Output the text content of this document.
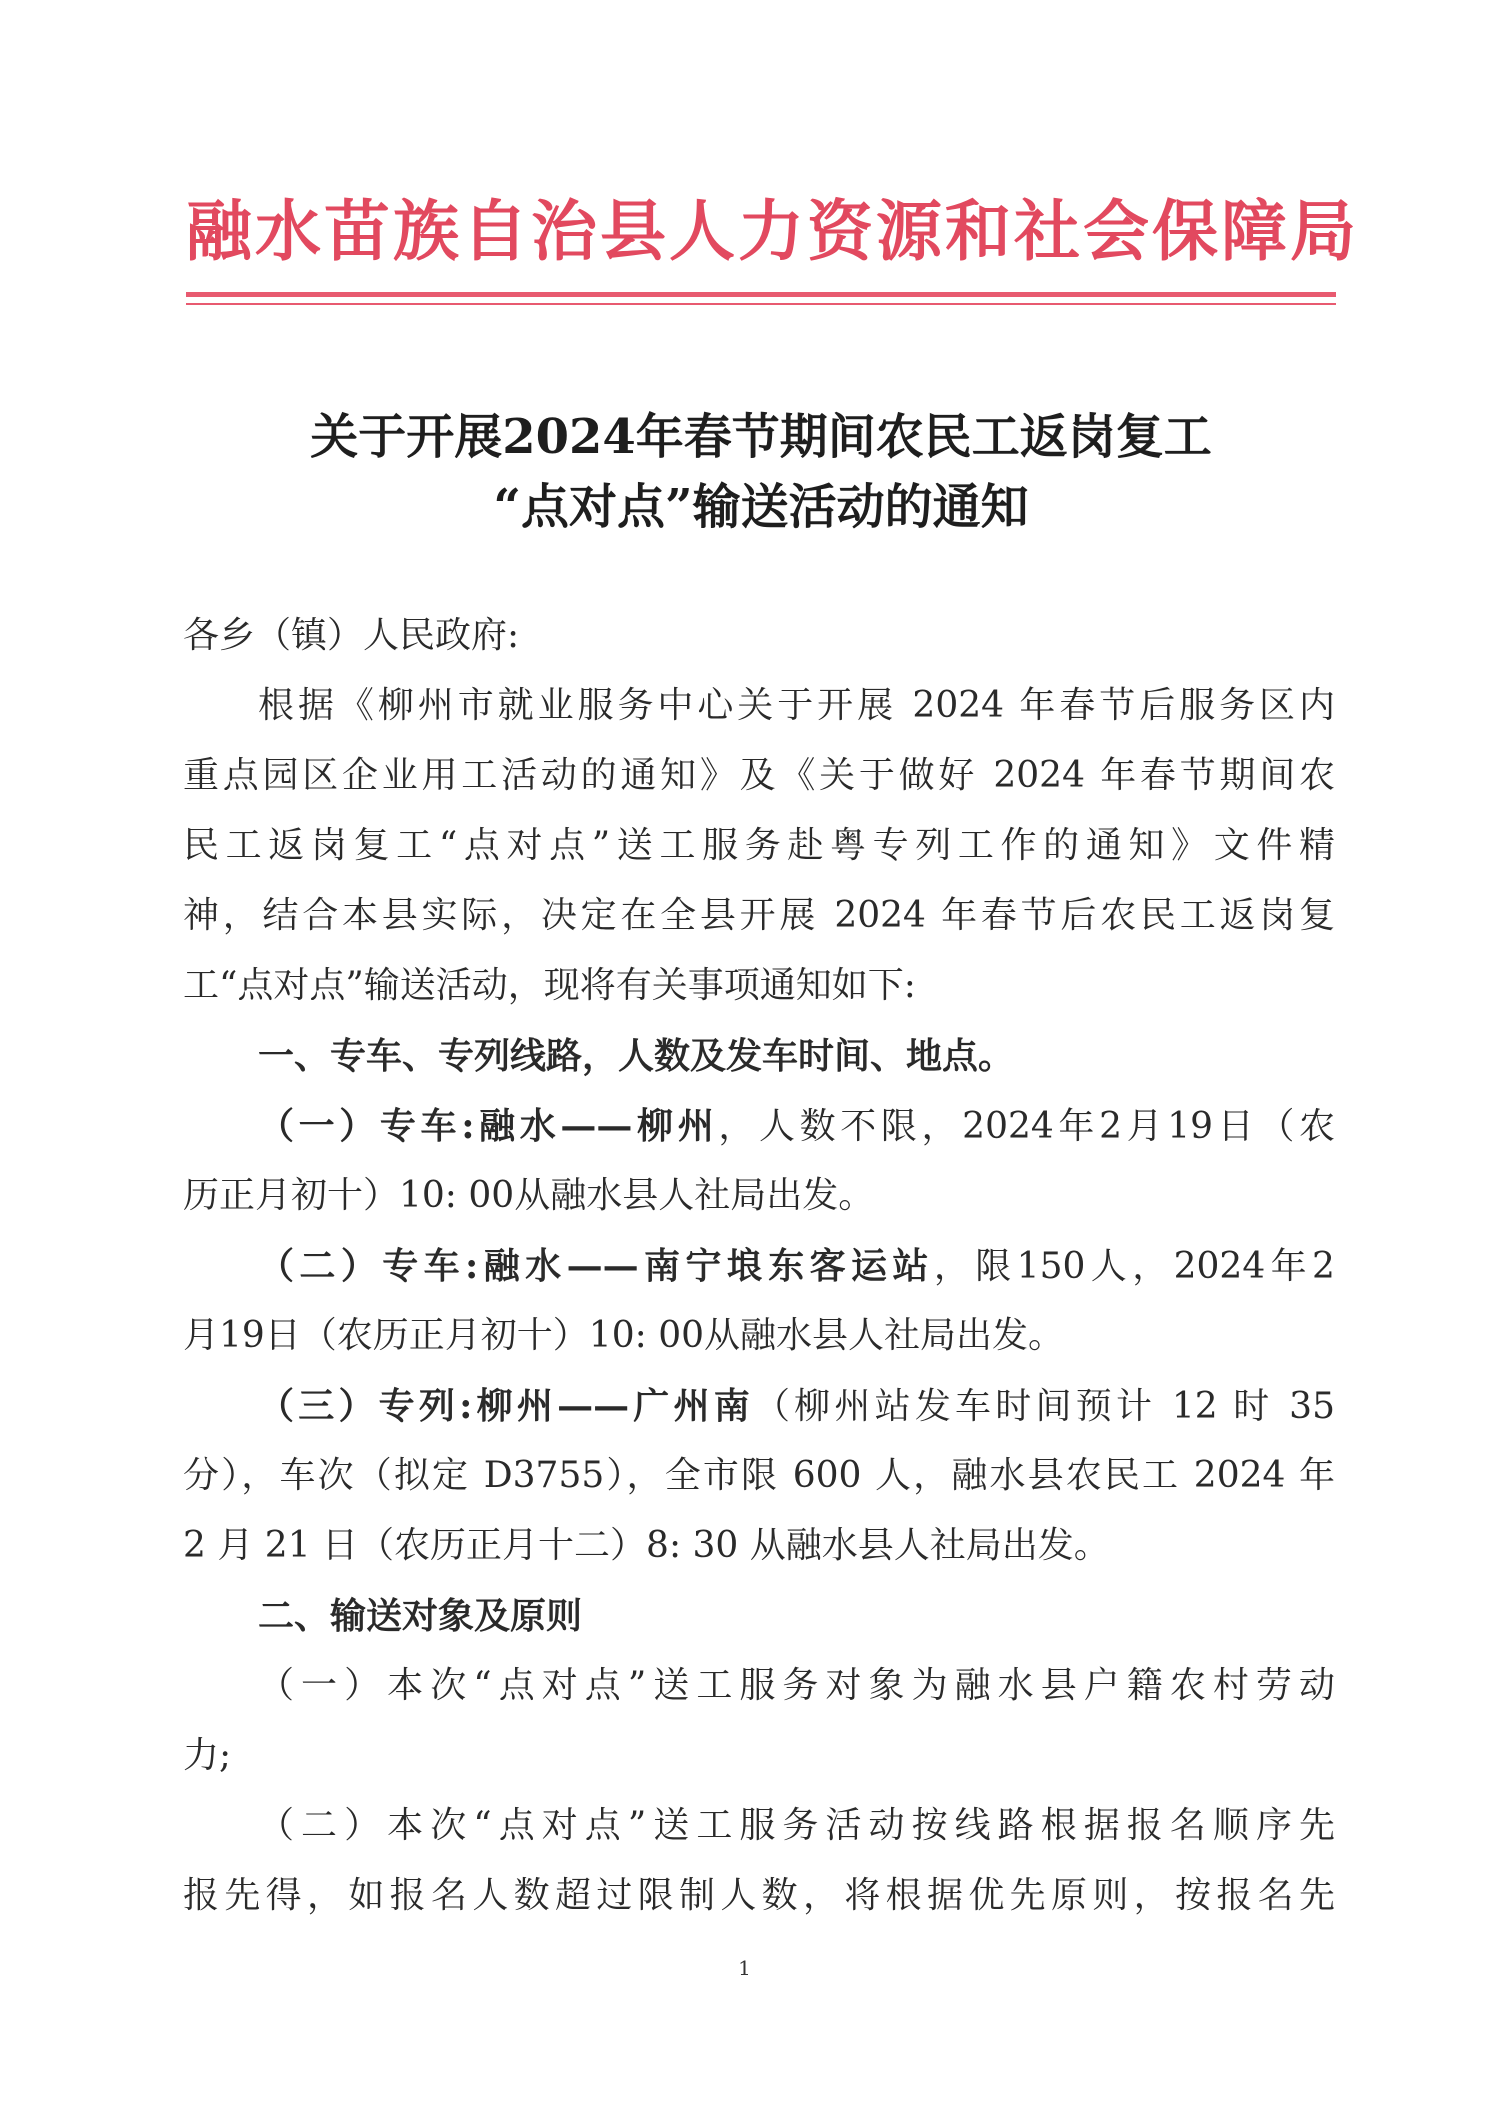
融水苗族自治县人力资源和社会保障局
关于开展2024年春节期间农民工返岗复工
“点对点”输送活动的通知
各乡（镇）人民政府:
根据《柳州市就业服务中心关于开展 2024 年春节后服务区内
重点园区企业用工活动的通知》及《关于做好 2024 年春节期间农
民工返岗复工“点对点”送工服务赴粤专列工作的通知》文件精
神，结合本县实际，决定在全县开展 2024 年春节后农民工返岗复
工“点对点”输送活动，现将有关事项通知如下:
一、专车、专列线路，人数及发车时间、地点。
（一）专车:融水——柳州，人数不限，2024年2月19日（农
历正月初十）10: 00从融水县人社局出发。
（二）专车:融水——南宁埌东客运站，限150人，2024年2
月19日（农历正月初十）10: 00从融水县人社局出发。
（三）专列:柳州——广州南（柳州站发车时间预计 12 时 35
分），车次（拟定 D3755），全市限 600 人，融水县农民工 2024 年
2 月 21 日（农历正月十二）8: 30 从融水县人社局出发。
二、输送对象及原则
（一）本次“点对点”送工服务对象为融水县户籍农村劳动
力;
（二）本次“点对点”送工服务活动按线路根据报名顺序先
报先得，如报名人数超过限制人数，将根据优先原则，按报名先
1
